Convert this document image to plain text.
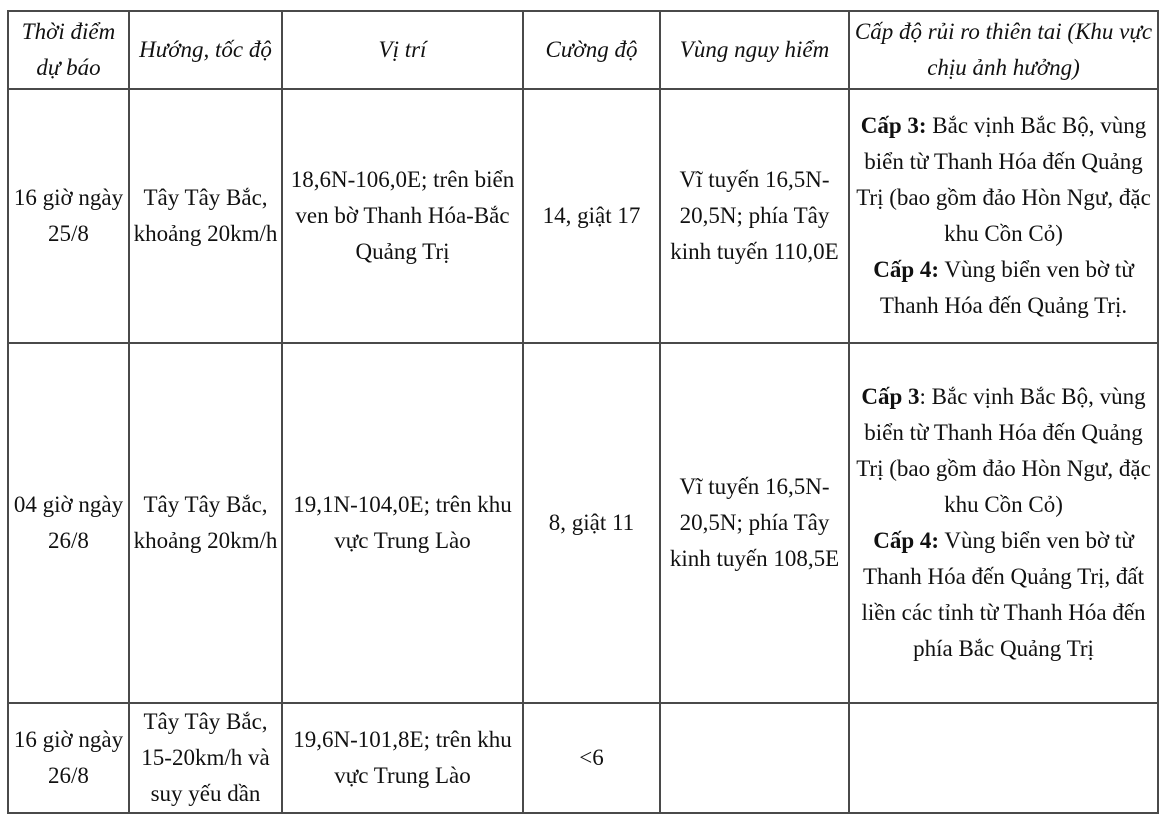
Thời điểm dự báo	Hướng, tốc độ	Vị trí	Cường độ	Vùng nguy hiểm	Cấp độ rủi ro thiên tai (Khu vực chịu ảnh hưởng)
16 giờ ngày 25/8	Tây Tây Bắc, khoảng 20km/h	18,6N-106,0E; trên biển ven bờ Thanh Hóa-Bắc Quảng Trị	14, giật 17	Vĩ tuyến 16,5N-20,5N; phía Tây kinh tuyến 110,0E	Cấp 3: Bắc vịnh Bắc Bộ, vùng biển từ Thanh Hóa đến Quảng Trị (bao gồm đảo Hòn Ngư, đặc khu Cồn Cỏ)
Cấp 4: Vùng biển ven bờ từ Thanh Hóa đến Quảng Trị.

04 giờ ngày 26/8	Tây Tây Bắc, khoảng 20km/h	19,1N-104,0E; trên khu vực Trung Lào	8, giật 11	Vĩ tuyến 16,5N-20,5N; phía Tây kinh tuyến 108,5E	Cấp 3: Bắc vịnh Bắc Bộ, vùng biển từ Thanh Hóa đến Quảng Trị (bao gồm đảo Hòn Ngư, đặc khu Cồn Cỏ)
Cấp 4: Vùng biển ven bờ từ Thanh Hóa đến Quảng Trị, đất liền các tỉnh từ Thanh Hóa đến phía Bắc Quảng Trị

16 giờ ngày 26/8	Tây Tây Bắc, 15-20km/h và suy yếu dần	19,6N-101,8E; trên khu vực Trung Lào	<6		
